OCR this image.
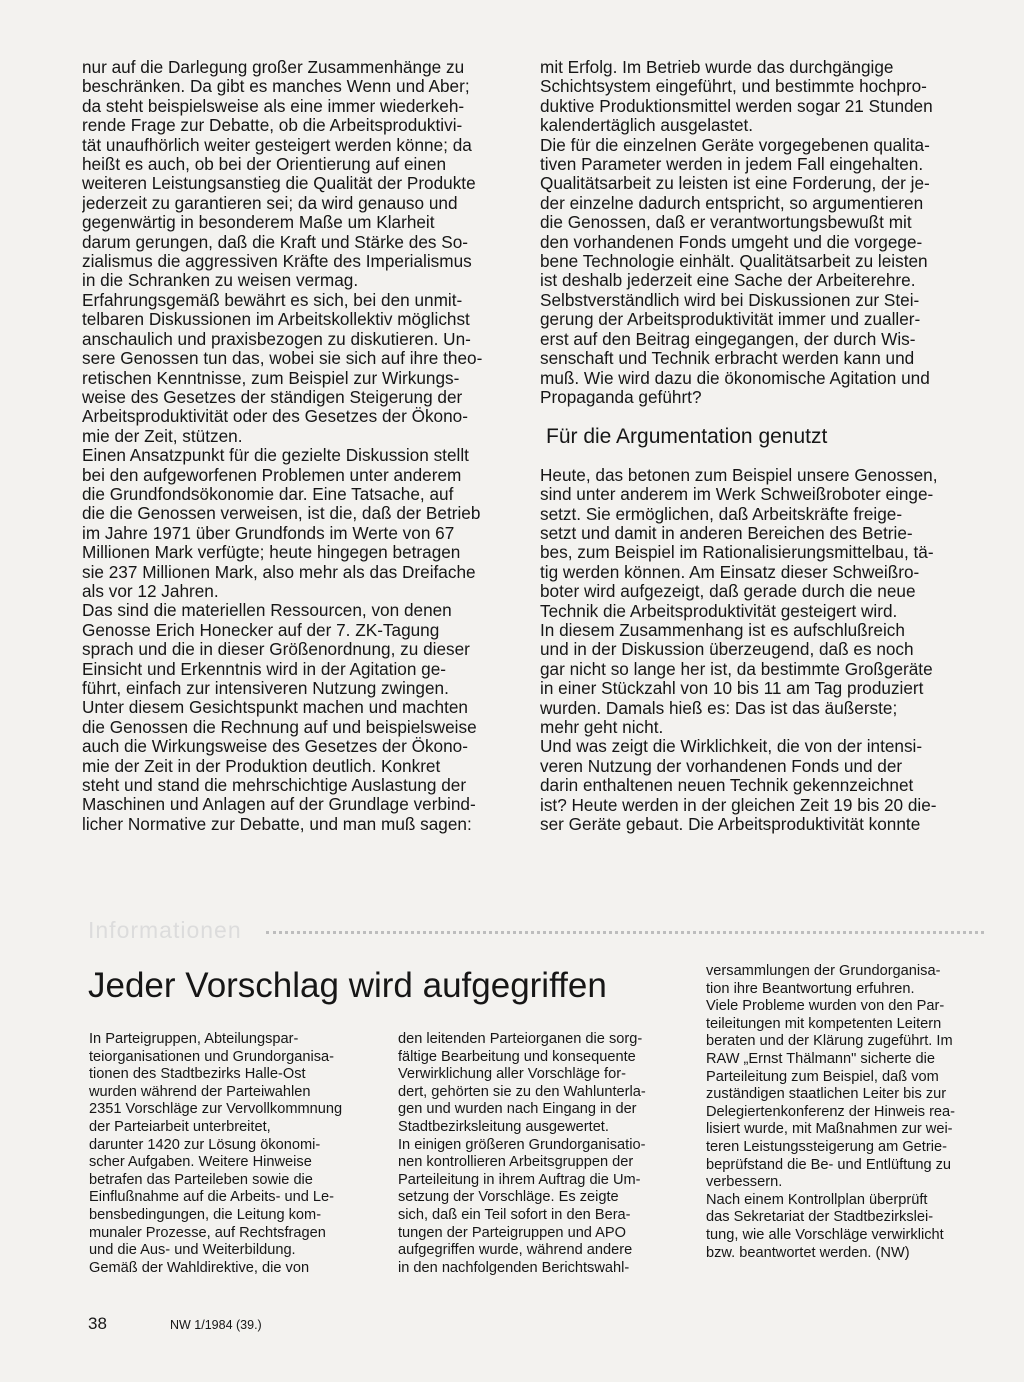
nur auf die Darlegung großer Zusammenhänge zu
beschränken. Da gibt es manches Wenn und Aber;
da steht beispielsweise als eine immer wiederkeh-
rende Frage zur Debatte, ob die Arbeitsproduktivi-
tät unaufhörlich weiter gesteigert werden könne; da
heißt es auch, ob bei der Orientierung auf einen
weiteren Leistungsanstieg die Qualität der Produkte
jederzeit zu garantieren sei; da wird genauso und
gegenwärtig in besonderem Maße um Klarheit
darum gerungen, daß die Kraft und Stärke des So-
zialismus die aggressiven Kräfte des Imperialismus
in die Schranken zu weisen vermag.

Erfahrungsgemäß bewährt es sich, bei den unmit-
telbaren Diskussionen im Arbeitskollektiv möglichst
anschaulich und praxisbezogen zu diskutieren. Un-
sere Genossen tun das, wobei sie sich auf ihre theo-
retischen Kenntnisse, zum Beispiel zur Wirkungs-
weise des Gesetzes der ständigen Steigerung der
Arbeitsproduktivität oder des Gesetzes der Ökono-
mie der Zeit, stützen.

Einen Ansatzpunkt für die gezielte Diskussion stellt
bei den aufgeworfenen Problemen unter anderem
die Grundfondsökonomie dar. Eine Tatsache, auf
die die Genossen verweisen, ist die, daß der Betrieb
im Jahre 1971 über Grundfonds im Werte von 67
Millionen Mark verfügte; heute hingegen betragen
sie 237 Millionen Mark, also mehr als das Dreifache
als vor 12 Jahren.

Das sind die materiellen Ressourcen, von denen
Genosse Erich Honecker auf der 7. ZK-Tagung
sprach und die in dieser Größenordnung, zu dieser
Einsicht und Erkenntnis wird in der Agitation ge-
führt, einfach zur intensiveren Nutzung zwingen.

Unter diesem Gesichtspunkt machen und machten
die Genossen die Rechnung auf und beispielsweise
auch die Wirkungsweise des Gesetzes der Ökono-
mie der Zeit in der Produktion deutlich. Konkret
steht und stand die mehrschichtige Auslastung der
Maschinen und Anlagen auf der Grundlage verbind-
licher Normative zur Debatte, und man muß sagen:

mit Erfolg. Im Betrieb wurde das durchgängige
Schichtsystem eingeführt, und bestimmte hochpro-
duktive Produktionsmittel werden sogar 21 Stunden
kalendertäglich ausgelastet.

Die für die einzelnen Geräte vorgegebenen qualita-
tiven Parameter werden in jedem Fall eingehalten.
Qualitätsarbeit zu leisten ist eine Forderung, der je-
der einzelne dadurch entspricht, so argumentieren
die Genossen, daß er verantwortungsbewußt mit
den vorhandenen Fonds umgeht und die vorgege-
bene Technologie einhält. Qualitätsarbeit zu leisten
ist deshalb jederzeit eine Sache der Arbeiterehre.

Selbstverständlich wird bei Diskussionen zur Stei-
gerung der Arbeitsproduktivität immer und zualler-
erst auf den Beitrag eingegangen, der durch Wis-
senschaft und Technik erbracht werden kann und
muß. Wie wird dazu die ökonomische Agitation und
Propaganda geführt?

Für die Argumentation genutzt

Heute, das betonen zum Beispiel unsere Genossen,
sind unter anderem im Werk Schweißroboter einge-
setzt. Sie ermöglichen, daß Arbeitskräfte freige-
setzt und damit in anderen Bereichen des Betrie-
bes, zum Beispiel im Rationalisierungsmittelbau, tä-
tig werden können. Am Einsatz dieser Schweißro-
boter wird aufgezeigt, daß gerade durch die neue
Technik die Arbeitsproduktivität gesteigert wird.

In diesem Zusammenhang ist es aufschlußreich
und in der Diskussion überzeugend, daß es noch
gar nicht so lange her ist, da bestimmte Großgeräte
in einer Stückzahl von 10 bis 11 am Tag produziert
wurden. Damals hieß es: Das ist das äußerste;
mehr geht nicht.

Und was zeigt die Wirklichkeit, die von der intensi-
veren Nutzung der vorhandenen Fonds und der
darin enthaltenen neuen Technik gekennzeichnet
ist? Heute werden in der gleichen Zeit 19 bis 20 die-
ser Geräte gebaut. Die Arbeitsproduktivität konnte

Informationen
Jeder Vorschlag wird aufgegriffen

In Parteigruppen, Abteilungspar-
teiorganisationen und Grundorganisa-
tionen des Stadtbezirks Halle-Ost
wurden während der Parteiwahlen
2351 Vorschläge zur Vervollkommnung
der Parteiarbeit unterbreitet,
darunter 1420 zur Lösung ökonomi-
scher Aufgaben. Weitere Hinweise
betrafen das Parteileben sowie die
Einflußnahme auf die Arbeits- und Le-
bensbedingungen, die Leitung kom-
munaler Prozesse, auf Rechtsfragen
und die Aus- und Weiterbildung.

Gemäß der Wahldirektive, die von

den leitenden Parteiorganen die sorg-
fältige Bearbeitung und konsequente
Verwirklichung aller Vorschläge for-
dert, gehörten sie zu den Wahlunterla-
gen und wurden nach Eingang in der
Stadtbezirksleitung ausgewertet.

In einigen größeren Grundorganisatio-
nen kontrollieren Arbeitsgruppen der
Parteileitung in ihrem Auftrag die Um-
setzung der Vorschläge. Es zeigte
sich, daß ein Teil sofort in den Bera-
tungen der Parteigruppen und APO
aufgegriffen wurde, während andere
in den nachfolgenden Berichtswahl-

versammlungen der Grundorganisa-
tion ihre Beantwortung erfuhren.
Viele Probleme wurden von den Par-
teileitungen mit kompetenten Leitern
beraten und der Klärung zugeführt. Im
RAW „Ernst Thälmann" sicherte die
Parteileitung zum Beispiel, daß vom
zuständigen staatlichen Leiter bis zur
Delegiertenkonferenz der Hinweis rea-
lisiert wurde, mit Maßnahmen zur wei-
teren Leistungssteigerung am Getrie-
beprüfstand die Be- und Entlüftung zu
verbessern.

Nach einem Kontrollplan überprüft
das Sekretariat der Stadtbezirkslei-
tung, wie alle Vorschläge verwirklicht
bzw. beantwortet werden. (NW)

38	NW 1/1984 (39.)
